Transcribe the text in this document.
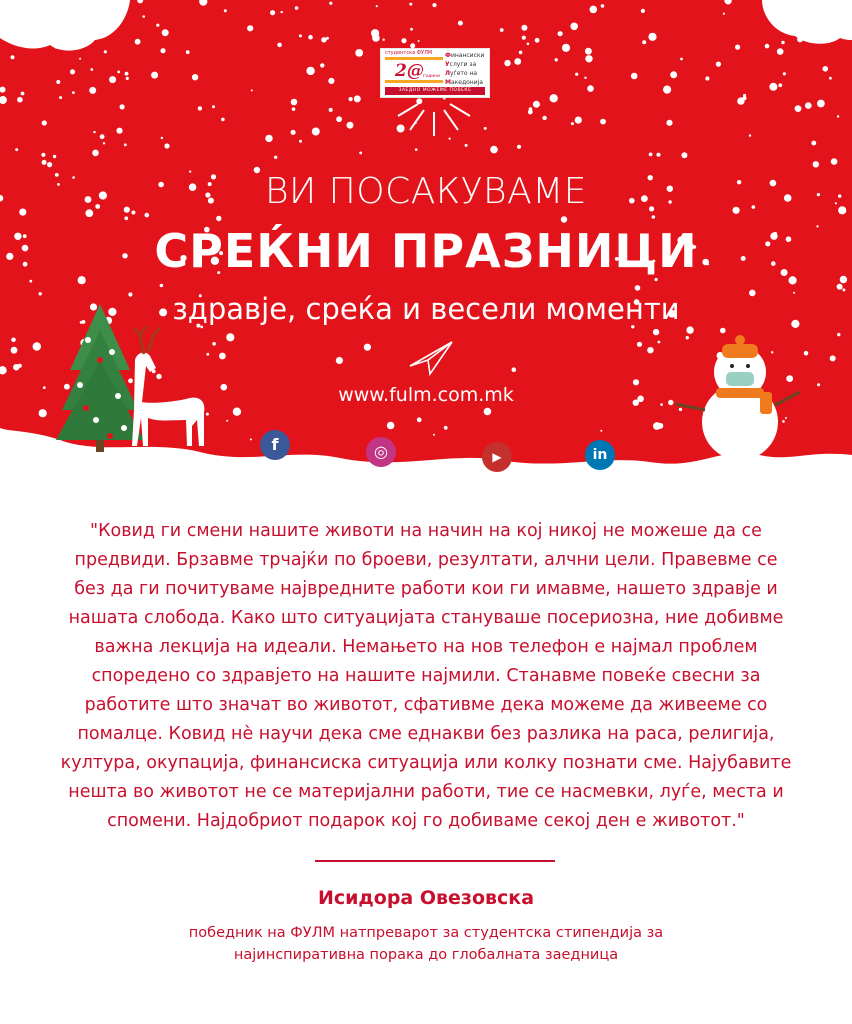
студентска ФУЛМ
2@ години
Финансиски
Услуги за
Луѓето на
Македонија
ЗАЕДНО МОЖЕМЕ ПОВЕЌЕ
ВИ ПОСАКУВАМЕ
СРЕЌНИ ПРАЗНИЦИ
здравје, среќа и весели моменти
www.fulm.com.mk
f	◎	▶	in
"Ковид ги смени нашите животи на начин на кој никој не можеше да се
предвиди. Брзавме трчајќи по броеви, резултати, алчни цели. Правевме се
без да ги почитуваме највредните работи кои ги имавме, нашето здравје и
нашата слобода. Како што ситуацијата стануваше посериозна, ние добивме
важна лекција на идеали. Немањето на нов телефон е најмал проблем
споредено со здравјето на нашите најмили. Станавме повеќе свесни за
работите што значат во животот, сфативме дека можеме да живееме со
помалце. Ковид нè научи дека сме еднакви без разлика на раса, религија,
култура, окупација, финансиска ситуација или колку познати сме. Најубавите
нешта во животот не се материјални работи, тие се насмевки, луѓе, места и
спомени. Најдобриот подарок кој го добиваме секој ден е животот."
Исидора Овезовска
победник на ФУЛМ натпреварот за студентска стипендија за
најинспиративна порака до глобалната заедница
